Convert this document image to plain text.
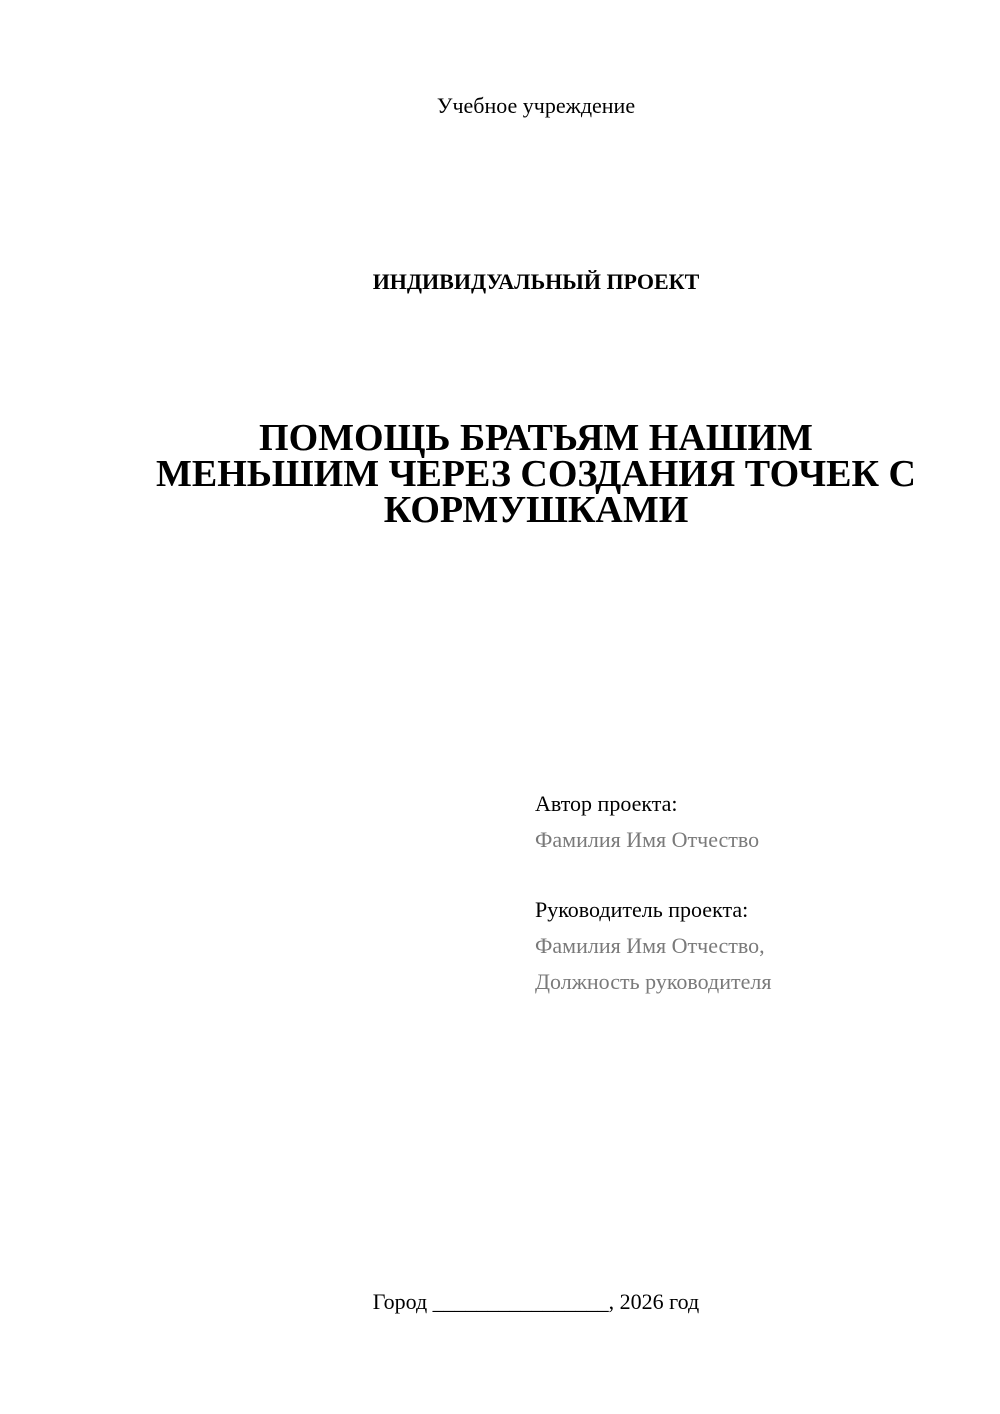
Учебное учреждение
ИНДИВИДУАЛЬНЫЙ ПРОЕКТ
ПОМОЩЬ БРАТЬЯМ НАШИМ
МЕНЬШИМ ЧЕРЕЗ СОЗДАНИЯ ТОЧЕК С
КОРМУШКАМИ
Автор проекта:
Фамилия Имя Отчество
Руководитель проекта:
Фамилия Имя Отчество,
Должность руководителя
Город ________________, 2026 год
